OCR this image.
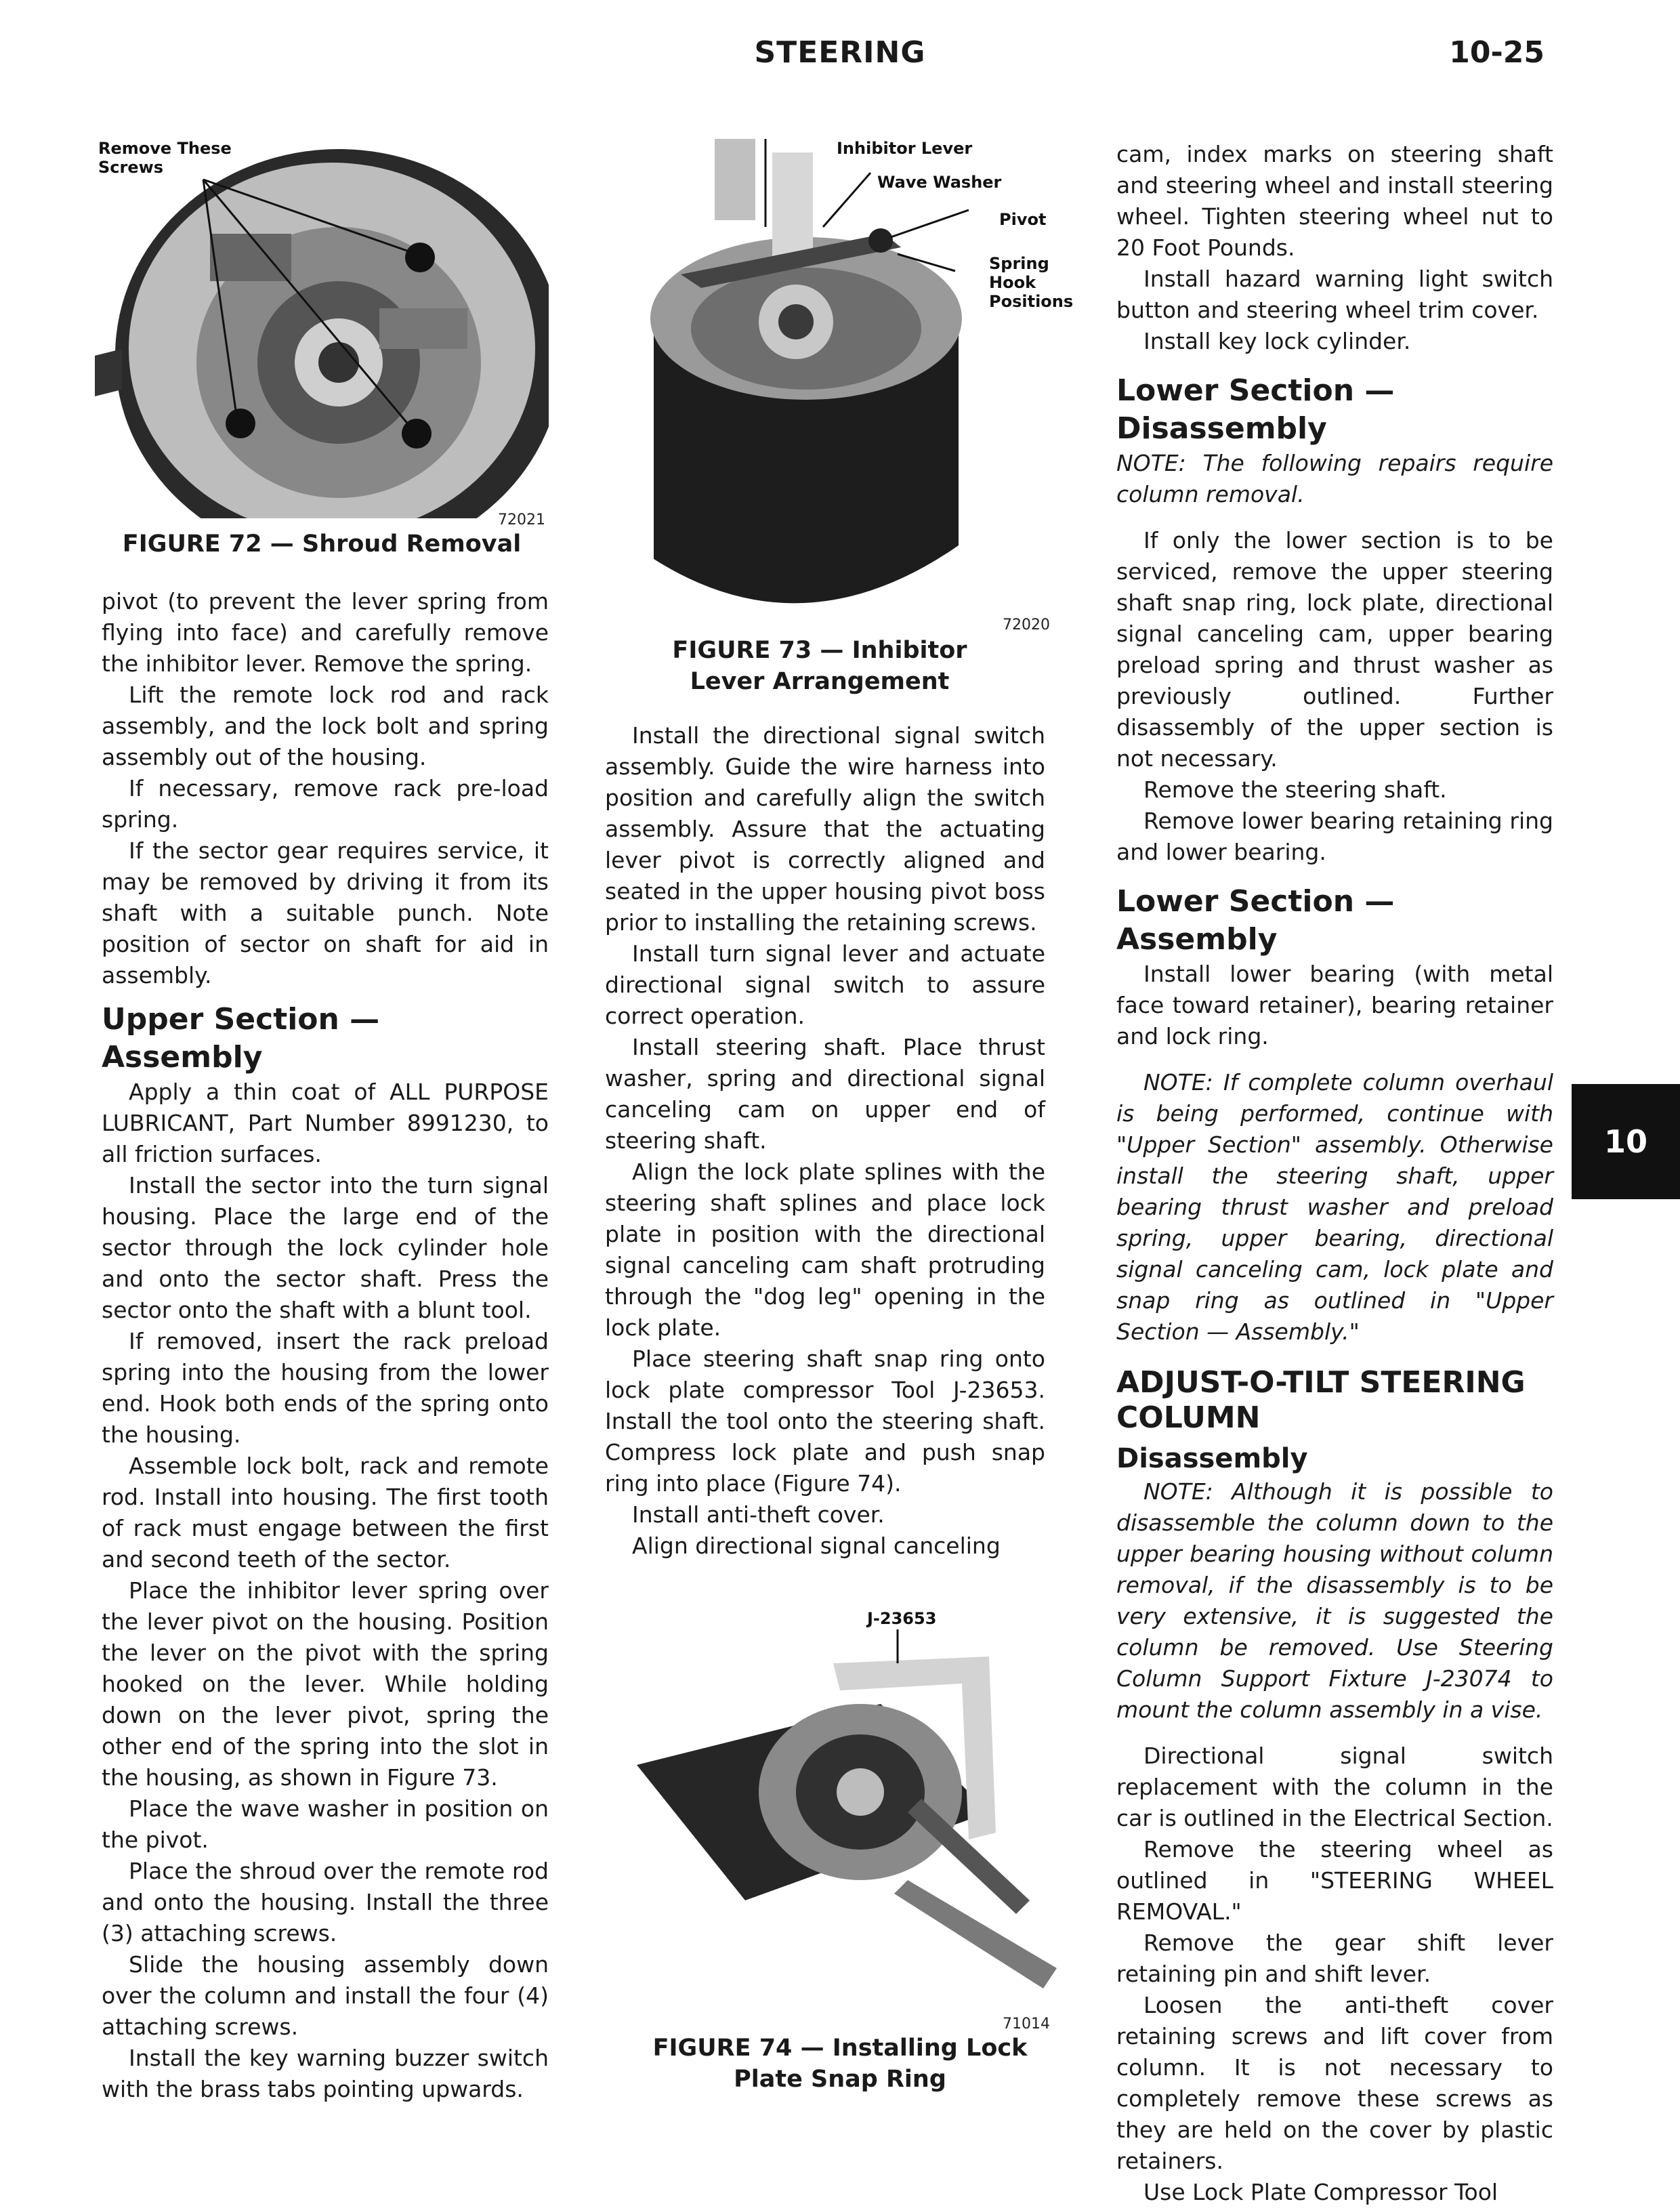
STEERING	10-25
10
Remove These Screws
72021
FIGURE 72 — Shroud Removal
Inhibitor Lever
Wave Washer
Pivot
Spring Hook Positions
72020
FIGURE 73 — Inhibitor Lever Arrangement
J-23653
71014
FIGURE 74 — Installing Lock Plate Snap Ring

pivot (to prevent the lever spring from flying into face) and carefully remove the inhibitor lever. Remove the spring.

Lift the remote lock rod and rack assembly, and the lock bolt and spring assembly out of the housing.

If necessary, remove rack pre-load spring.

If the sector gear requires service, it may be removed by driving it from its shaft with a suitable punch. Note position of sector on shaft for aid in assembly.

Upper Section — Assembly

Apply a thin coat of ALL PURPOSE LUBRICANT, Part Number 8991230, to all friction surfaces.

Install the sector into the turn signal housing. Place the large end of the sector through the lock cylinder hole and onto the sector shaft. Press the sector onto the shaft with a blunt tool.

If removed, insert the rack preload spring into the housing from the lower end. Hook both ends of the spring onto the housing.

Assemble lock bolt, rack and remote rod. Install into housing. The first tooth of rack must engage between the first and second teeth of the sector.

Place the inhibitor lever spring over the lever pivot on the housing. Position the lever on the pivot with the spring hooked on the lever. While holding down on the lever pivot, spring the other end of the spring into the slot in the housing, as shown in Figure 73.

Place the wave washer in position on the pivot.

Place the shroud over the remote rod and onto the housing. Install the three (3) attaching screws.

Slide the housing assembly down over the column and install the four (4) attaching screws.

Install the key warning buzzer switch with the brass tabs pointing upwards.

Install the directional signal switch assembly. Guide the wire harness into position and carefully align the switch assembly. Assure that the actuating lever pivot is correctly aligned and seated in the upper housing pivot boss prior to installing the retaining screws.

Install turn signal lever and actuate directional signal switch to assure correct operation.

Install steering shaft. Place thrust washer, spring and directional signal canceling cam on upper end of steering shaft.

Align the lock plate splines with the steering shaft splines and place lock plate in position with the directional signal canceling cam shaft protruding through the "dog leg" opening in the lock plate.

Place steering shaft snap ring onto lock plate compressor Tool J-23653. Install the tool onto the steering shaft. Compress lock plate and push snap ring into place (Figure 74).

Install anti-theft cover.

Align directional signal canceling

cam, index marks on steering shaft and steering wheel and install steering wheel. Tighten steering wheel nut to 20 Foot Pounds.

Install hazard warning light switch button and steering wheel trim cover.

Install key lock cylinder.

Lower Section — Disassembly

NOTE: The following repairs require column removal.

If only the lower section is to be serviced, remove the upper steering shaft snap ring, lock plate, directional signal canceling cam, upper bearing preload spring and thrust washer as previously outlined. Further disassembly of the upper section is not necessary.

Remove the steering shaft.

Remove lower bearing retaining ring and lower bearing.

Lower Section — Assembly

Install lower bearing (with metal face toward retainer), bearing retainer and lock ring.

NOTE: If complete column overhaul is being performed, continue with "Upper Section" assembly. Otherwise install the steering shaft, upper bearing thrust washer and preload spring, upper bearing, directional signal canceling cam, lock plate and snap ring as outlined in "Upper Section — Assembly."

ADJUST-O-TILT STEERING COLUMN
Disassembly

NOTE: Although it is possible to disassemble the column down to the upper bearing housing without column removal, if the disassembly is to be very extensive, it is suggested the column be removed. Use Steering Column Support Fixture J-23074 to mount the column assembly in a vise.

Directional signal switch replacement with the column in the car is outlined in the Electrical Section.

Remove the steering wheel as outlined in "STEERING WHEEL REMOVAL."

Remove the gear shift lever retaining pin and shift lever.

Loosen the anti-theft cover retaining screws and lift cover from column. It is not necessary to completely remove these screws as they are held on the cover by plastic retainers.

Use Lock Plate Compressor Tool
